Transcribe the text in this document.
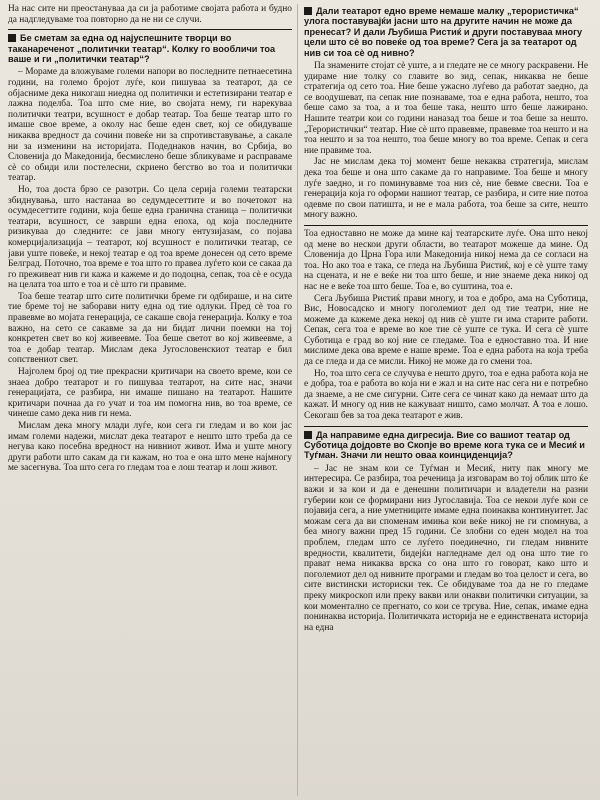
На нас сите ни преостануваа да си ја работиме својата работа и будно да надгледуваме тоа повторно да не ни се случи.

Бе сметам за една од најуспешните творци во таканареченот „политички театар“. Колку го вообличи тоа ваше и ги „политички театар“?

– Мораме да вложуваме големи напори во последните петнаесетина години, на големо бројот луѓе, кои пишуваа за театарот, да се објасниме дека никогаш ниедна од политички и естетизирани театар е лажна поделба. Тоа што сме ние, во својата нему, ги нарекуваа политички театри, всушност е добар театар. Тоа беше театар што го имаше свое време, а околу нас беше еден свет, кој се обидуваше никаква вредност да сочини повеќе ни за спротивставување, а сакале ни за изменини на историјата. Подеднаков начин, во Србија, во Словенија до Македонија, бесмислено беше збликуваме и расправаме сè со обиди или постелесни, скриено бегство во тоа и политички театар.

Но, тоа доста брзо се разотри. Со цела серија големи театарски збиднувања, што настанаа во седумдесеттите и во почетокот на осумдесеттите години, која беше една гранична станица – политички театари, всушност, се заврши една епоха, од која последните ризикуваа до следните: се јави многу ентузијазам, со појава комерцијализација – театарот, кој всушност е политички театар, се јави уште повеќе, и некој театар е од тоа време донесен од сето време Белград. Поточно, тоа време е тоа што го правеа луѓето кои се сакаа да го преживеат нив ги кажа и кажеме и до подоцна, сепак, тоа сè е осуда на целата тоа што е тоа и сè што ги правиме.

Тоа беше театар што сите политички бреме ги одбираше, и на сите тие бреме тој не заборави ниту една од тие одлуки. Пред сè тоа го правевме во мојата генерација, се сакаше своја генерација. Колку е тоа важно, на сето се сакавме за да ни бидат лични поемки на тој конкретен свет во кој живеевме. Тоа беше светот во кој живеевме, а тоа е добар театар. Мислам дека Југословенскиот театар е бил сопствениот свет.

Најголем број од тие прекрасни критичари на своето време, кои се знаеа добро театарот и го пишуваа театарот, на сите нас, значи генерацијата, се разбира, ни имаше пишано на театарот. Нашите критичари почнаа да го учат и тоа им помогна нив, во тоа време, се чинеше само дека нив ги нема.

Мислам дека многу млади луѓе, кои сега ги гледам и во кои јас имам големи надежи, мислат дека театарот е нешто што треба да се негува како посебна вредност на нивниот живот. Има и уште многу други работи што сакам да ги кажам, но тоа е она што мене најмногу ме засегнува. Тоа што сега го гледам тоа е лош театар и лош живот.

Дали театарот едно време немаше малку „терористичка“ улога поставувајќи јасни што на другите начин не може да пренесат? И дали Љубиша Ристиќ и други поставуваа многу цели што сè во повеќе од тоа време? Сега ја за театарот од нив си тоа сè од нивно?

Па знаменитe стојат сè уште, а и гледате не се многу раскравени. Не удираме ние толку со главите во зид, сепак, никаква не беше стратегија од сето тоа. Ние беше ужасно луѓево да работат заедно, да се воодушеват, па сепак ние познаваме, тоа е една работа, нешто, тоа беше само за тоа, а и тоа беше така, нешто што беше лажирано. Нашите театри кои со години наназад тоа беше и тоа беше за нешто. „Терористички“ театар. Ние сè што правевме, правевме тоа нешто и на тоа нешто и за тоа нешто, тоа беше многу во тоа време. Сепак и сега ние правиме тоа.

Јас не мислам дека тој момент беше некаква стратегија, мислам дека тоа беше и она што сакаме да го направиме. Тоа беше и многу луѓе заедно, и го поминувавме тоа низ сè, ние бевме свесни. Тоа е генерација која го оформи нашиот театар, се разбира, и сите ние потоа одевме по свои патишта, и не е мала работа, тоа беше за сите, нешто многу важно.

Тоа едноставно не може да мине кај театарските луѓе. Она што некој од мене во нескои други области, во театарот можеше да мине. Од Словенија до Црна Гора или Македонија никој нема да се согласи на тоа. Но ако тоа е така, се гледа на Љубиша Ристиќ, кој е сè уште таму на сцената, и не е веќе ни тоа што беше, и ние знаеме дека никој од нас не е веќе тоа што беше. Тоа е, во суштина, тоа е.

Сега Љубиша Ристиќ прави многу, и тоа е добро, ама на Суботица, Вис, Новосадско и многу поголемиот дел од тие театри, ние не можеме да кажеме дека некој од нив сè уште ги има старите работи. Сепак, сега тоа е време во кое тие сè уште се тука. И сега сè уште Суботица е град во кој ние се гледаме. Тоа е едноставно тоа. И ние мислиме дека ова време е наше време. Тоа е една работа на која треба да се гледа и да се мисли. Никој не може да го смени тоа.

Но, тоа што сега се случува е нешто друго, тоа е една работа која не е добра, тоа е работа во која ни е жал и на сите нас сега ни е потребно да знаеме, а не сме сигурни. Сите сега се чинат како да немаат што да кажат. И многу од нив не кажуваат ништо, само молчат. А тоа е лошо. Секогаш бев за тоа дека театарот е жив.

Да направиме една дигресија. Вие со вашиот театар од Суботица дојдовте во Скопје во време кога тука се и Месиќ и Туѓман. Значи ли нешто оваа коинциденција?

– Јас не знам кои се Туѓман и Месиќ, ниту пак многу ме интересира. Се разбира, тоа реченица ја изговарам во тој облик што ќе важи и за кои и да е денешни политичари и владетели на разни губерии кои се формирани низ Југославија. Тоа се некои луѓе кои се појавија сега, а ние уметниците имаме една поинаква континуитет. Јас можам сега да ви споменам имиња кои веќе никој не ги спомнува, а беа многу важни пред 15 години. Се злобни со еден модел на тоа проблем, гледам што се луѓето поединечно, ги гледам нивните вредности, квалитети, бидејќи нагледнаме дел од она што тие го прават нема никаква врска со она што го говорат, како што и поголемиот дел од нивните програми и гледам во тоа целост и сега, во сите вистински историски тек. Се обидуваме тоа да не го гледаме преку микроскоп или преку вакви или онакви политички ситуации, за кои моментално се прегнато, со кои се тргува. Ние, сепак, имаме една понинаква историја. Политичката историја не е единствената историја на една
